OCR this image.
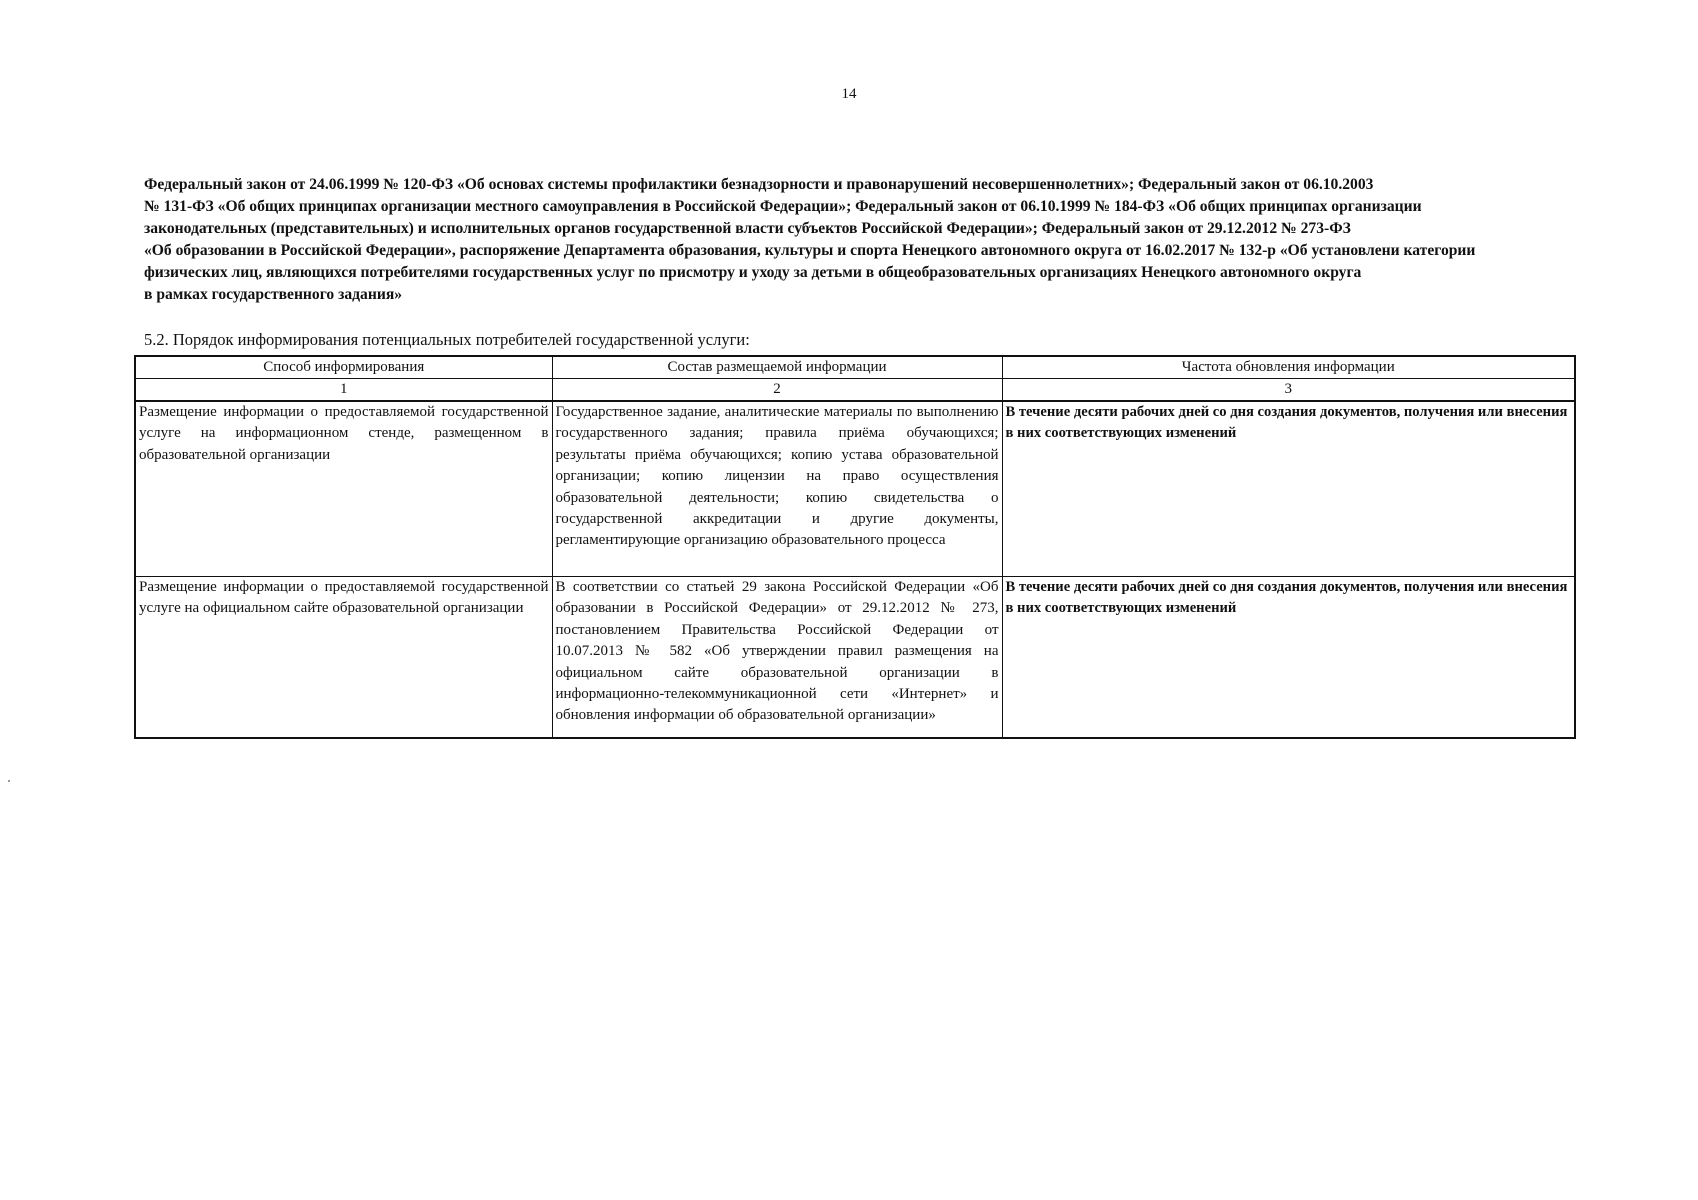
14

Федеральный закон от 24.06.1999 № 120-ФЗ «Об основах системы профилактики безнадзорности и правонарушений несовершеннолетних»; Федеральный закон от 06.10.2003

№ 131-ФЗ «Об общих принципах организации местного самоуправления в Российской Федерации»; Федеральный закон от 06.10.1999 № 184-ФЗ «Об общих принципах организации

законодательных (представительных) и исполнительных органов государственной власти субъектов Российской Федерации»; Федеральный закон от 29.12.2012 № 273-ФЗ

«Об образовании в Российской Федерации», распоряжение Департамента образования, культуры и спорта Ненецкого автономного округа от 16.02.2017 № 132-р «Об установлени категории

физических лиц, являющихся потребителями государственных услуг по присмотру и уходу за детьми в общеобразовательных организациях Ненецкого автономного округа

в рамках государственного задания»

5.2. Порядок информирования потенциальных потребителей государственной услуги:
Способ информирования	Состав размещаемой информации	Частота обновления информации
1	2	3
Размещение информации о предоставляемой государственной услуге на информационном стенде, размещенном в образовательной организации	Государственное задание, аналитические материалы по выполнению государственного задания; правила приёма обучающихся; результаты приёма обучающихся; копию устава образовательной организации; копию лицензии на право осуществления образовательной деятельности; копию свидетельства о государственной аккредитации и другие документы, регламентирующие организацию образовательного процесса	В течение десяти рабочих дней со дня создания документов, получения или внесения в них соответствующих изменений
Размещение информации о предоставляемой государственной услуге на официальном сайте образовательной организации	В соответствии со статьей 29 закона Российской Федерации «Об образовании в Российской Федерации» от 29.12.2012 № 273, постановлением Правительства Российской Федерации от 10.07.2013 № 582 «Об утверждении правил размещения на официальном сайте образовательной организации в информационно-телекоммуникационной сети «Интернет» и обновления информации об образовательной организации»	В течение десяти рабочих дней со дня создания документов, получения или внесения в них соответствующих изменений
